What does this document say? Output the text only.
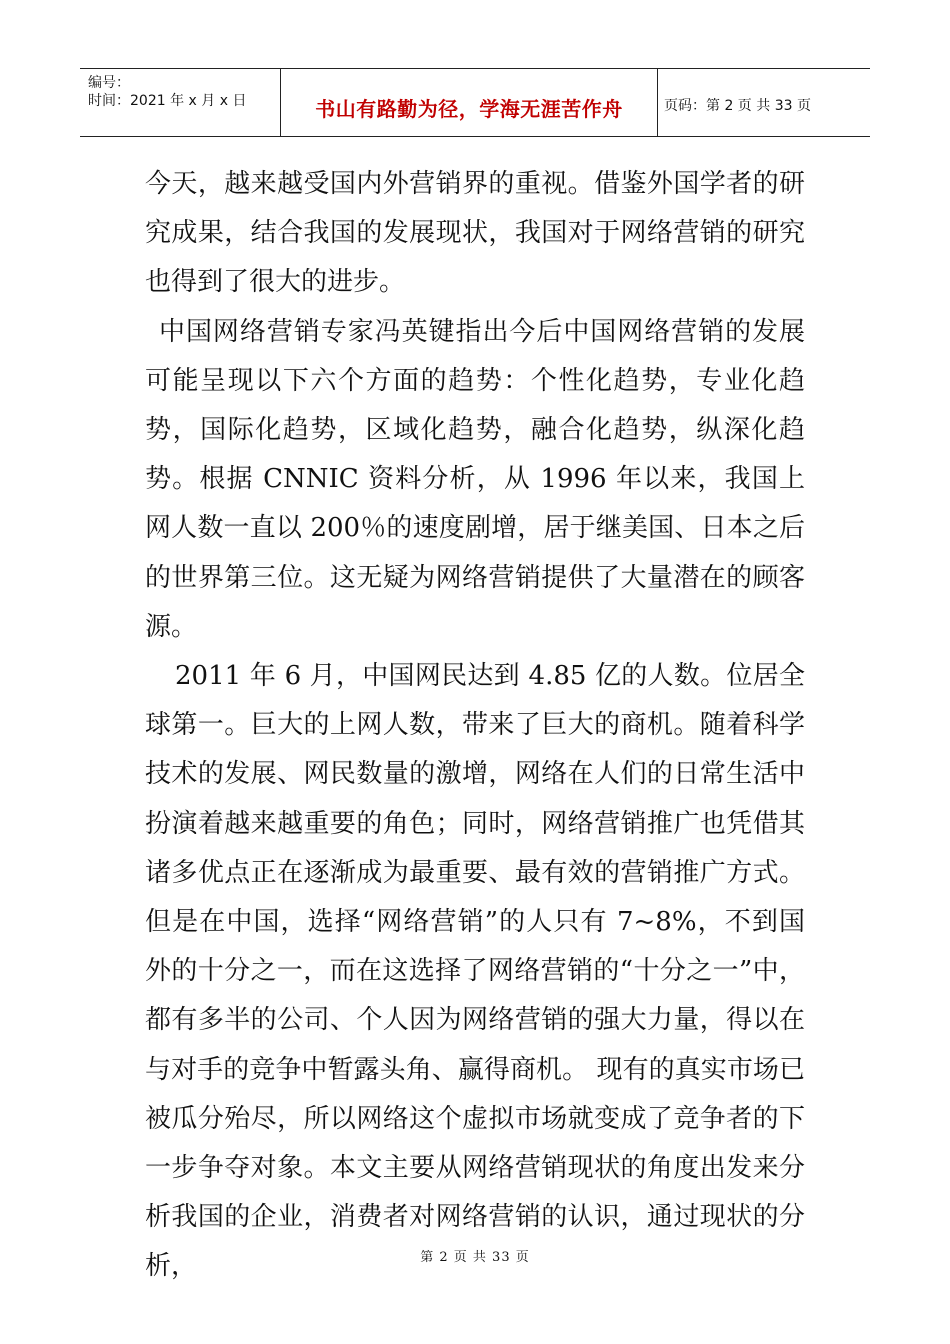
编号：
时间：2021 年 x 月 x 日	书山有路勤为径，学海无涯苦作舟	页码：第 2 页 共 33 页

今天，越来越受国内外营销界的重视。借鉴外国学者的研究成果，结合我国的发展现状，我国对于网络营销的研究也得到了很大的进步。

中国网络营销专家冯英键指出今后中国网络营销的发展可能呈现以下六个方面的趋势：个性化趋势，专业化趋势，国际化趋势，区域化趋势，融合化趋势，纵深化趋势。根据 CNNIC 资料分析，从 1996 年以来，我国上网人数一直以 200％的速度剧增，居于继美国、日本之后的世界第三位。这无疑为网络营销提供了大量潜在的顾客源。

2011 年 6 月，中国网民达到 4.85 亿的人数。位居全球第一。巨大的上网人数，带来了巨大的商机。随着科学技术的发展、网民数量的激增，网络在人们的日常生活中扮演着越来越重要的角色；同时，网络营销推广也凭借其诸多优点正在逐渐成为最重要、最有效的营销推广方式。但是在中国，选择“网络营销”的人只有 7~8%，不到国外的十分之一，而在这选择了网络营销的“十分之一”中，都有多半的公司、个人因为网络营销的强大力量，得以在与对手的竞争中暂露头角、赢得商机。 现有的真实市场已被瓜分殆尽，所以网络这个虚拟市场就变成了竞争者的下一步争夺对象。本文主要从网络营销现状的角度出发来分析我国的企业，消费者对网络营销的认识，通过现状的分析，	第 2 页 共 33 页
